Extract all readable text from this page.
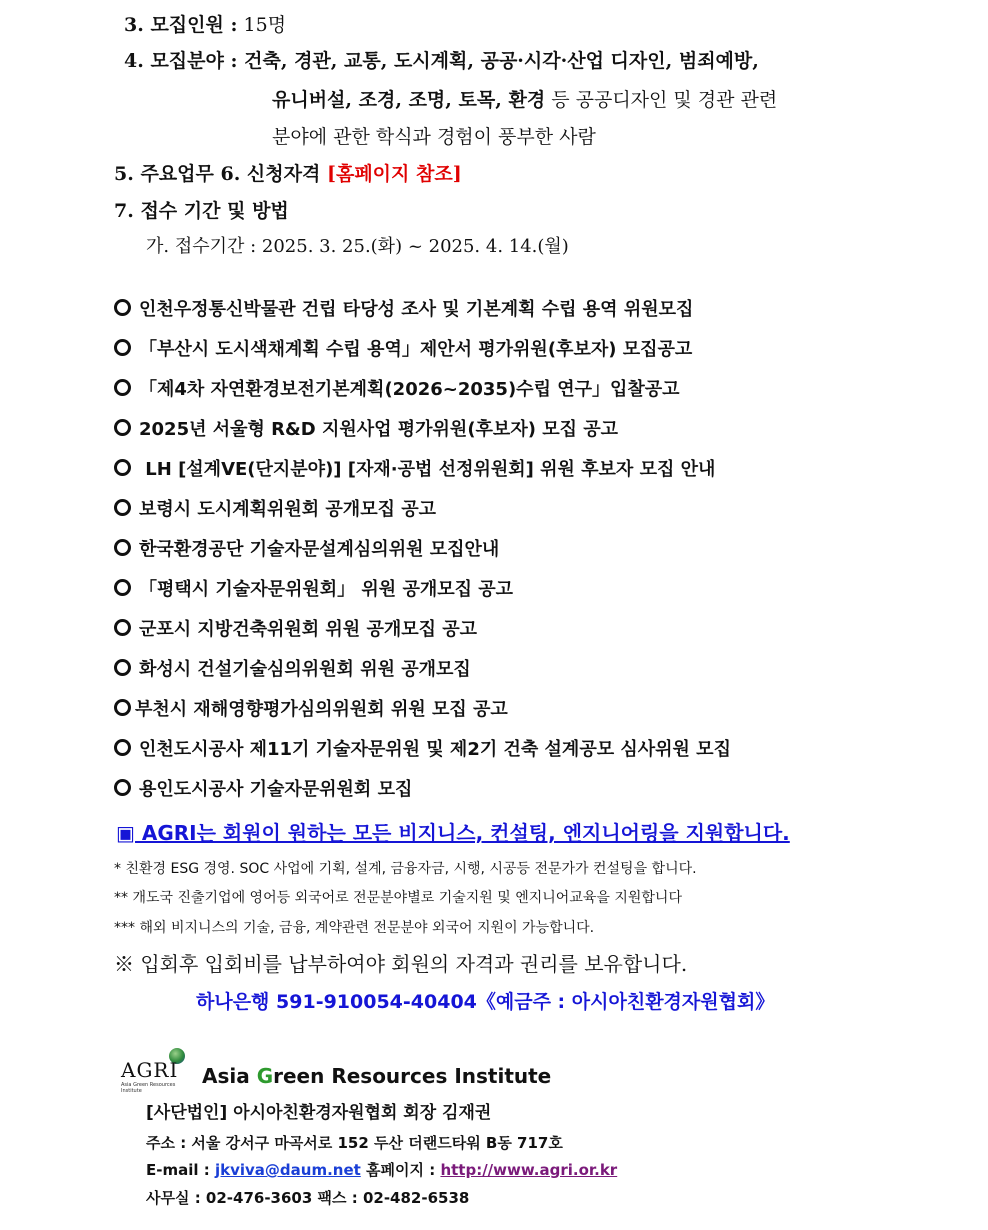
3. 모집인원 : 15명
4. 모집분야 : 건축, 경관, 교통, 도시계획, 공공·시각·산업 디자인, 범죄예방,
유니버설, 조경, 조명, 토목, 환경 등 공공디자인 및 경관 관련
분야에 관한 학식과 경험이 풍부한 사람
5. 주요업무 6. 신청자격 [홈페이지 참조]
7. 접수 기간 및 방법
가. 접수기간 : 2025. 3. 25.(화) ~ 2025. 4. 14.(월)
인천우정통신박물관 건립 타당성 조사 및 기본계획 수립 용역 위원모집
「부산시 도시색채계획 수립 용역」제안서 평가위원(후보자) 모집공고
「제4차 자연환경보전기본계획(2026~2035)수립 연구」입찰공고
2025년 서울형 R&D 지원사업 평가위원(후보자) 모집 공고
LH [설계VE(단지분야)] [자재·공법 선정위원회] 위원 후보자 모집 안내
보령시 도시계획위원회 공개모집 공고
한국환경공단 기술자문설계심의위원 모집안내
「평택시 기술자문위원회」 위원 공개모집 공고
군포시 지방건축위원회 위원 공개모집 공고
화성시 건설기술심의위원회 위원 공개모집
부천시 재해영향평가심의위원회 위원 모집 공고
인천도시공사 제11기 기술자문위원 및 제2기 건축 설계공모 심사위원 모집
용인도시공사 기술자문위원회 모집
▣ AGRI는 회원이 원하는 모든 비지니스, 컨설팅, 엔지니어링을 지원합니다.
* 친환경 ESG 경영. SOC 사업에 기획, 설계, 금융자금, 시행, 시공등 전문가가 컨설팅을 합니다.
** 개도국 진출기업에 영어등 외국어로 전문분야별로 기술지원 및 엔지니어교육을 지원합니다
*** 해외 비지니스의 기술, 금융, 계약관련 전문분야 외국어 지원이 가능합니다.
※ 입회후 입회비를 납부하여야 회원의 자격과 권리를 보유합니다.
하나은행 591-910054-40404《예금주 : 아시아친환경자원협회》
AGRI
Asia Green Resources Institute
Asia Green Resources Institute
[사단법인] 아시아친환경자원협회 회장 김재권
주소 : 서울 강서구 마곡서로 152 두산 더랜드타워 B동 717호
E-mail : jkviva@daum.net 홈페이지 : http://www.agri.or.kr
사무실 : 02-476-3603 팩스 : 02-482-6538
